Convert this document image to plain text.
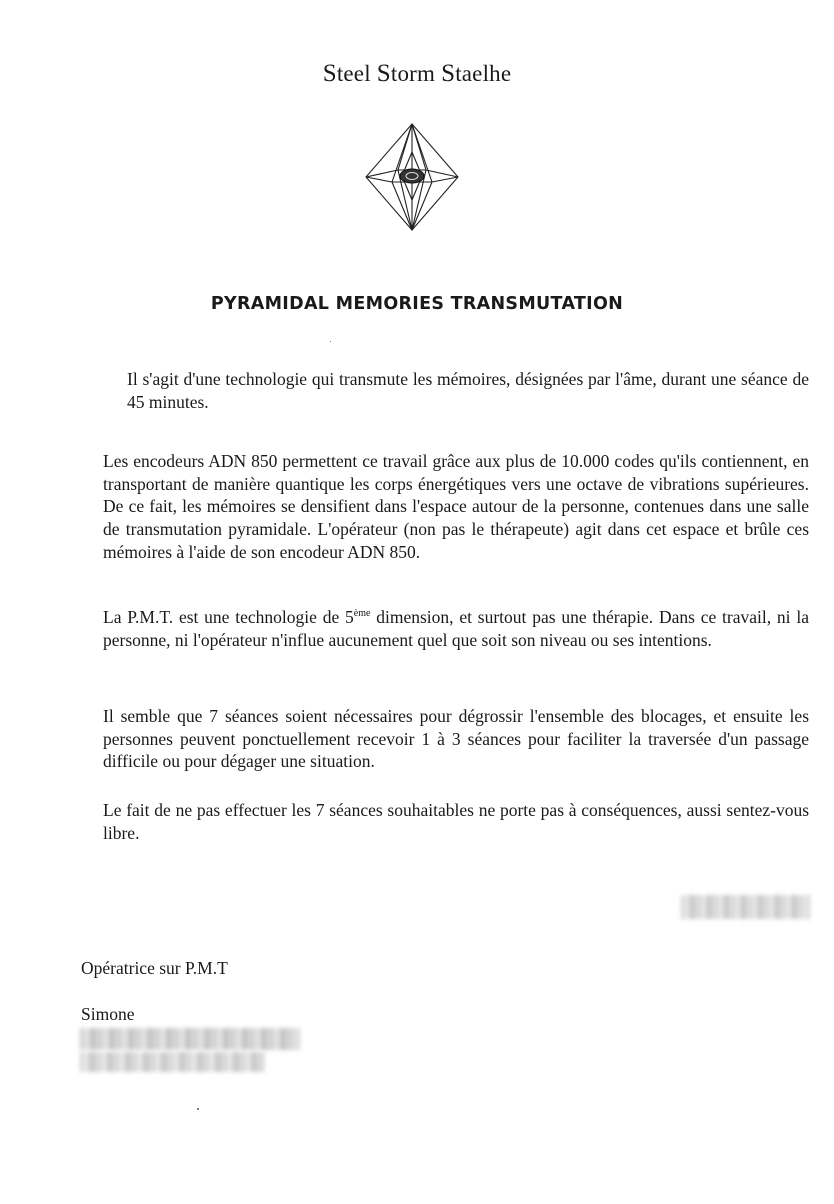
Steel Storm Staelhe
PYRAMIDAL MEMORIES TRANSMUTATION

Il s'agit d'une technologie qui transmute les mémoires, désignées par l'âme, durant une séance de 45 minutes.

Les encodeurs ADN 850 permettent ce travail grâce aux plus de 10.000 codes qu'ils contiennent, en transportant de manière quantique les corps énergétiques vers une octave de vibrations supérieures. De ce fait, les mémoires se densifient dans l'espace autour de la personne, contenues dans une salle de transmutation pyramidale. L'opérateur (non pas le thérapeute) agit dans cet espace et brûle ces mémoires à l'aide de son encodeur ADN 850.

La P.M.T. est une technologie de 5ème dimension, et surtout pas une thérapie. Dans ce travail, ni la personne, ni l'opérateur n'influe aucunement quel que soit son niveau ou ses intentions.

Il semble que 7 séances soient nécessaires pour dégrossir l'ensemble des blocages, et ensuite les personnes peuvent ponctuellement recevoir 1 à 3 séances pour faciliter la traversée d'un passage difficile ou pour dégager une situation.

Le fait de ne pas effectuer les 7 séances souhaitables ne porte pas à conséquences, aussi sentez-vous libre.

Opératrice sur P.M.T
Simone
